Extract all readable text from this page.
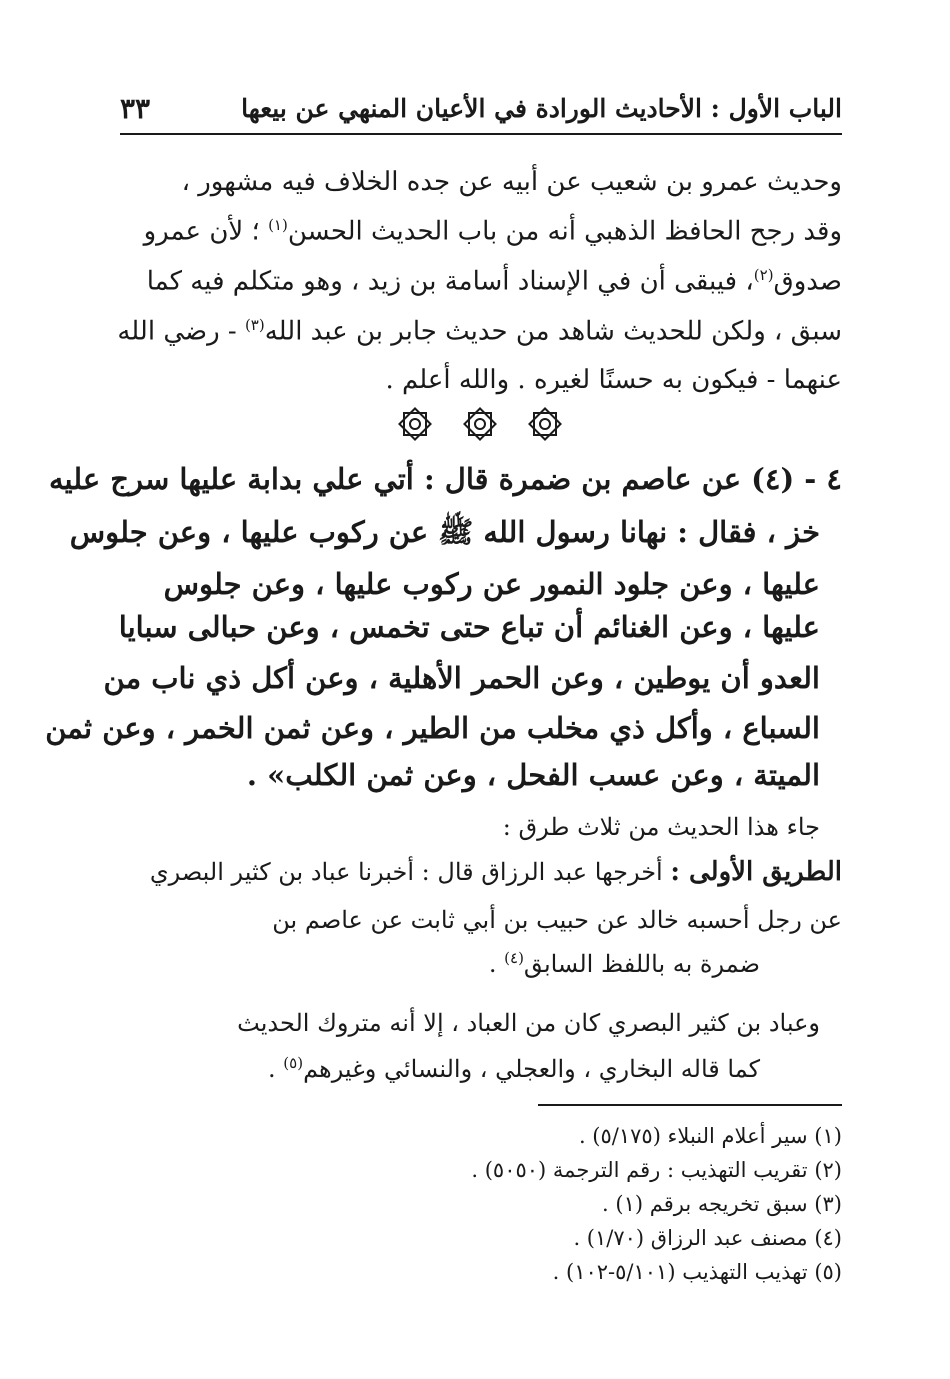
الباب الأول : الأحاديث الورادة في الأعيان المنهي عن بيعها
٣٣
وحديث عمرو بن شعيب عن أبيه عن جده الخلاف فيه مشهور ،
وقد رجح الحافظ الذهبي أنه من باب الحديث الحسن$^{(١)}$ ؛ لأن عمرو
صدوق$^{(٢)}$، فيبقى أن في الإسناد أسامة بن زيد ، وهو متكلم فيه كما
سبق ، ولكن للحديث شاهد من حديث جابر بن عبد الله$^{(٣)}$ - رضي الله
عنهما - فيكون به حسنًا لغيره . والله أعلم .
٤ - (٤) عن عاصم بن ضمرة قال : أتي علي بدابة عليها سرج عليه
خز ، فقال : نهانا رسول الله ﷺ عن ركوب عليها ، وعن جلوس
عليها ، وعن جلود النمور عن ركوب عليها ، وعن جلوس
عليها ، وعن الغنائم أن تباع حتى تخمس ، وعن حبالى سبايا
العدو أن يوطين ، وعن الحمر الأهلية ، وعن أكل ذي ناب من
السباع ، وأكل ذي مخلب من الطير ، وعن ثمن الخمر ، وعن ثمن
الميتة ، وعن عسب الفحل ، وعن ثمن الكلب» .
جاء هذا الحديث من ثلاث طرق :
الطريق الأولى : أخرجها عبد الرزاق قال : أخبرنا عباد بن كثير البصري
عن رجل أحسبه خالد عن حبيب بن أبي ثابت عن عاصم بن
ضمرة به باللفظ السابق$^{(٤)}$ .
وعباد بن كثير البصري كان من العباد ، إلا أنه متروك الحديث
كما قاله البخاري ، والعجلي ، والنسائي وغيرهم$^{(٥)}$ .
(١) سير أعلام النبلاء (٥/١٧٥) .
(٢) تقريب التهذيب : رقم الترجمة (٥٠٥٠) .
(٣) سبق تخريجه برقم (١) .
(٤) مصنف عبد الرزاق (١/٧٠) .
(٥) تهذيب التهذيب (٥/١٠١-١٠٢) .
